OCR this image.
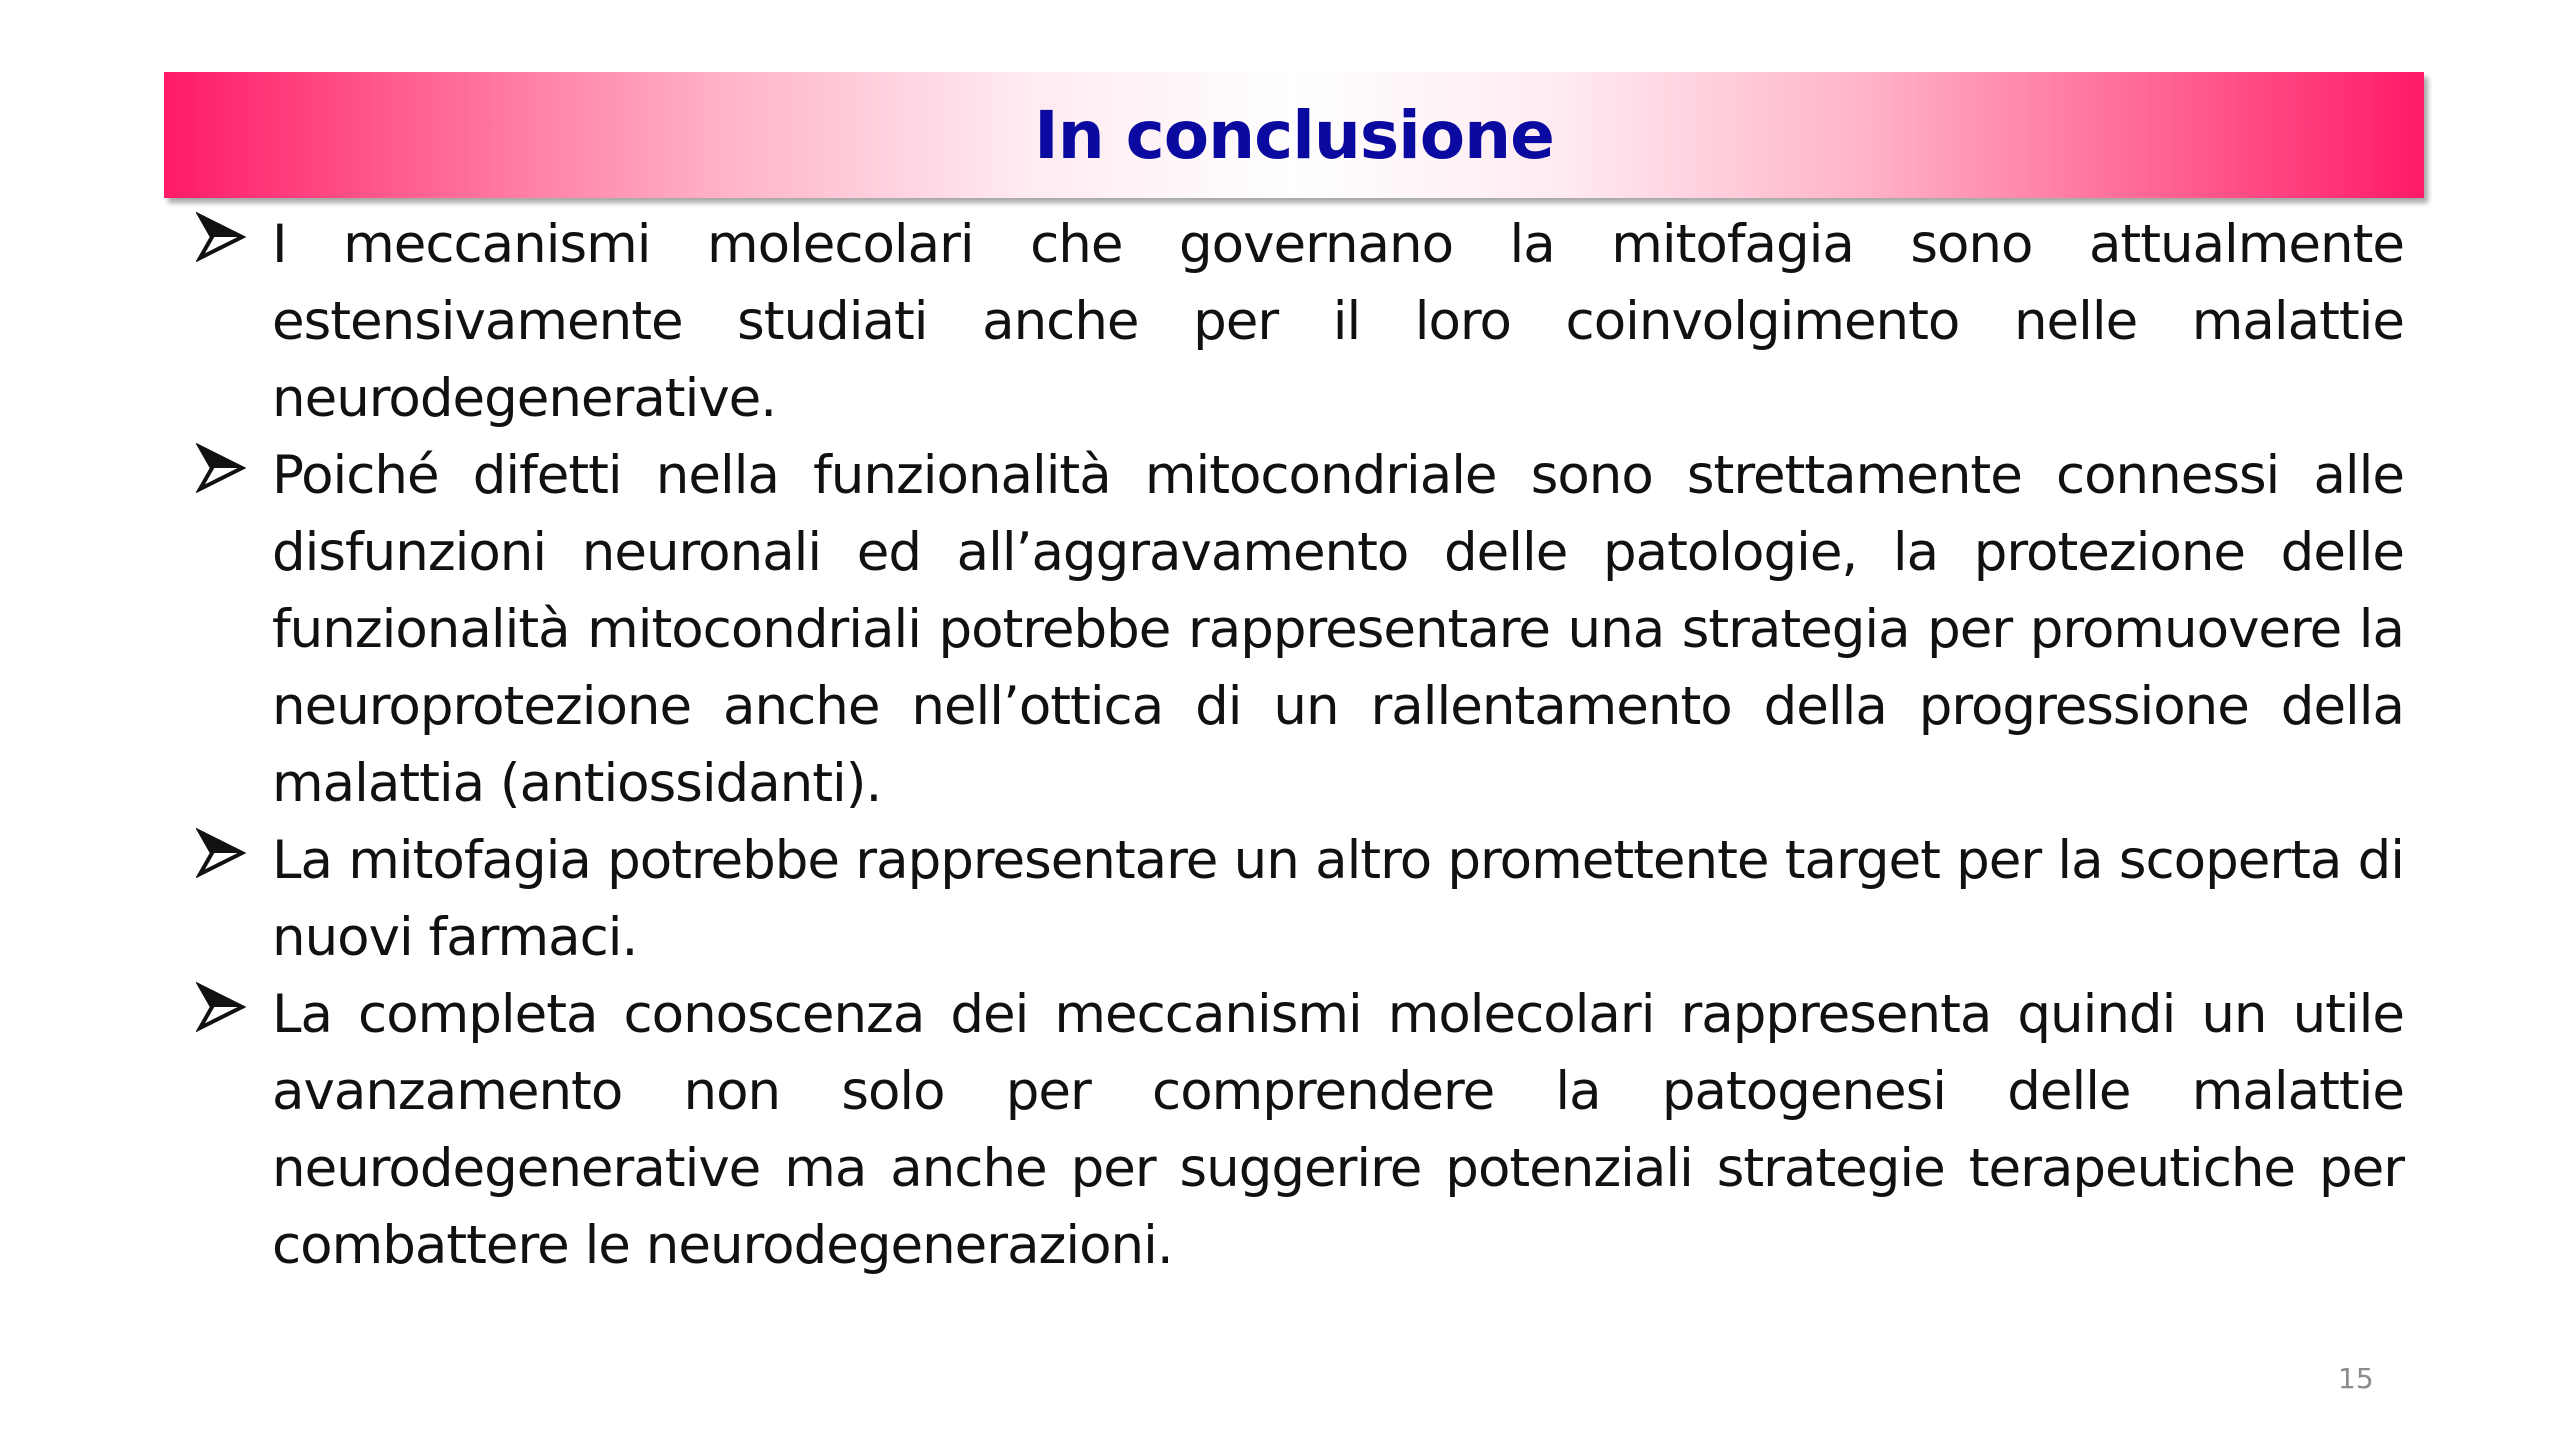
In conclusione

I meccanismi molecolari che governano la mitofagia sono attualmente estensivamente studiati anche per il loro coinvolgimento nelle malattie neurodegenerative.

Poiché difetti nella funzionalità mitocondriale sono strettamente connessi alle disfunzioni neuronali ed all’aggravamento delle patologie, la protezione delle funzionalità mitocondriali potrebbe rappresentare una strategia per promuovere la neuroprotezione anche nell’ottica di un rallentamento della progressione della malattia (antiossidanti).

La mitofagia potrebbe rappresentare un altro promettente target per la scoperta di nuovi farmaci.

La completa conoscenza dei meccanismi molecolari rappresenta quindi un utile avanzamento non solo per comprendere la patogenesi delle malattie neurodegenerative ma anche per suggerire potenziali strategie terapeutiche per combattere le neurodegenerazioni.

15
